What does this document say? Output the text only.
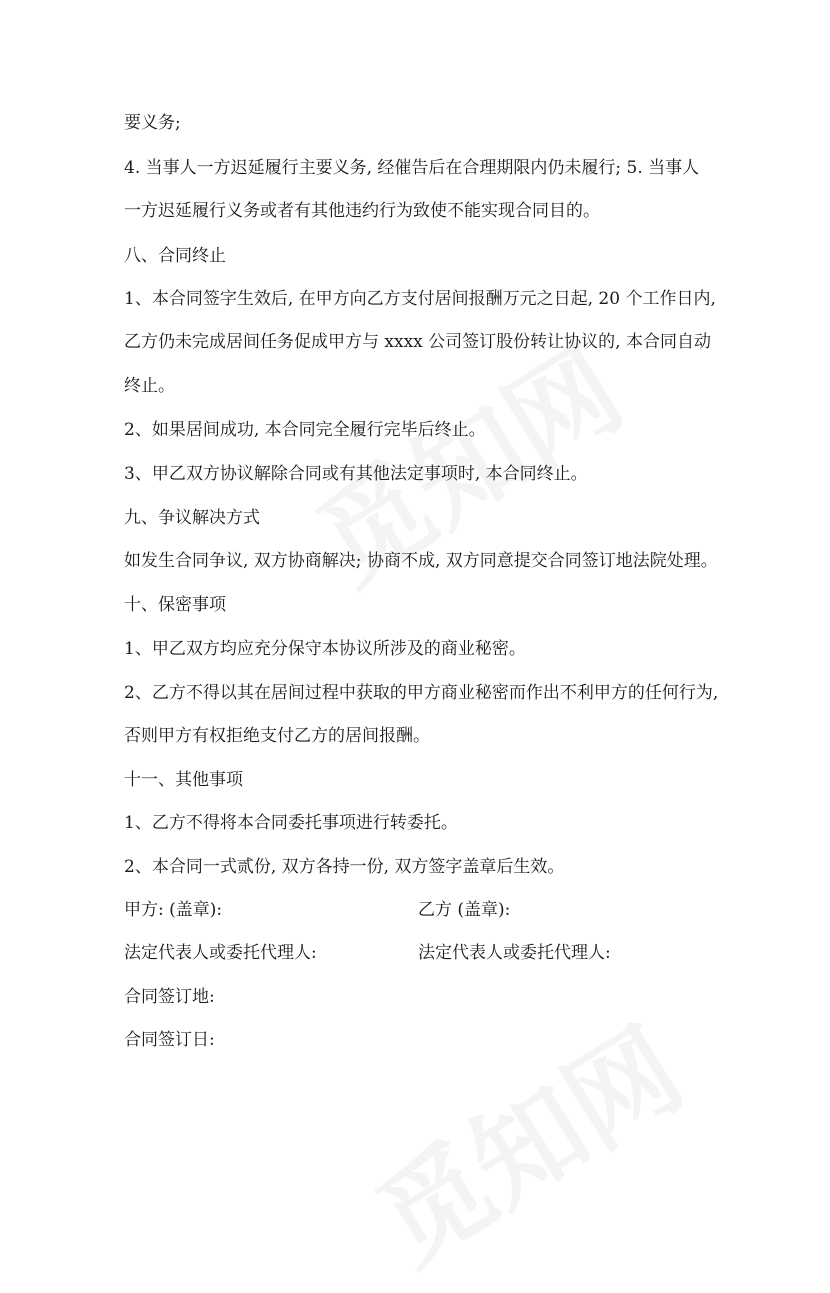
要义务;
4. 当事人一方迟延履行主要义务, 经催告后在合理期限内仍未履行; 5. 当事人
一方迟延履行义务或者有其他违约行为致使不能实现合同目的。
八、合同终止
1、本合同签字生效后, 在甲方向乙方支付居间报酬万元之日起, 20 个工作日内,
乙方仍未完成居间任务促成甲方与 xxxx 公司签订股份转让协议的, 本合同自动
终止。
2、如果居间成功, 本合同完全履行完毕后终止。
3、甲乙双方协议解除合同或有其他法定事项时, 本合同终止。
九、争议解决方式
如发生合同争议, 双方协商解决; 协商不成, 双方同意提交合同签订地法院处理。
十、保密事项
1、甲乙双方均应充分保守本协议所涉及的商业秘密。
2、乙方不得以其在居间过程中获取的甲方商业秘密而作出不利甲方的任何行为,
否则甲方有权拒绝支付乙方的居间报酬。
十一、其他事项
1、乙方不得将本合同委托事项进行转委托。
2、本合同一式贰份, 双方各持一份, 双方签字盖章后生效。
甲方: (盖章):	乙方 (盖章):
法定代表人或委托代理人:	法定代表人或委托代理人:
合同签订地:
合同签订日:
